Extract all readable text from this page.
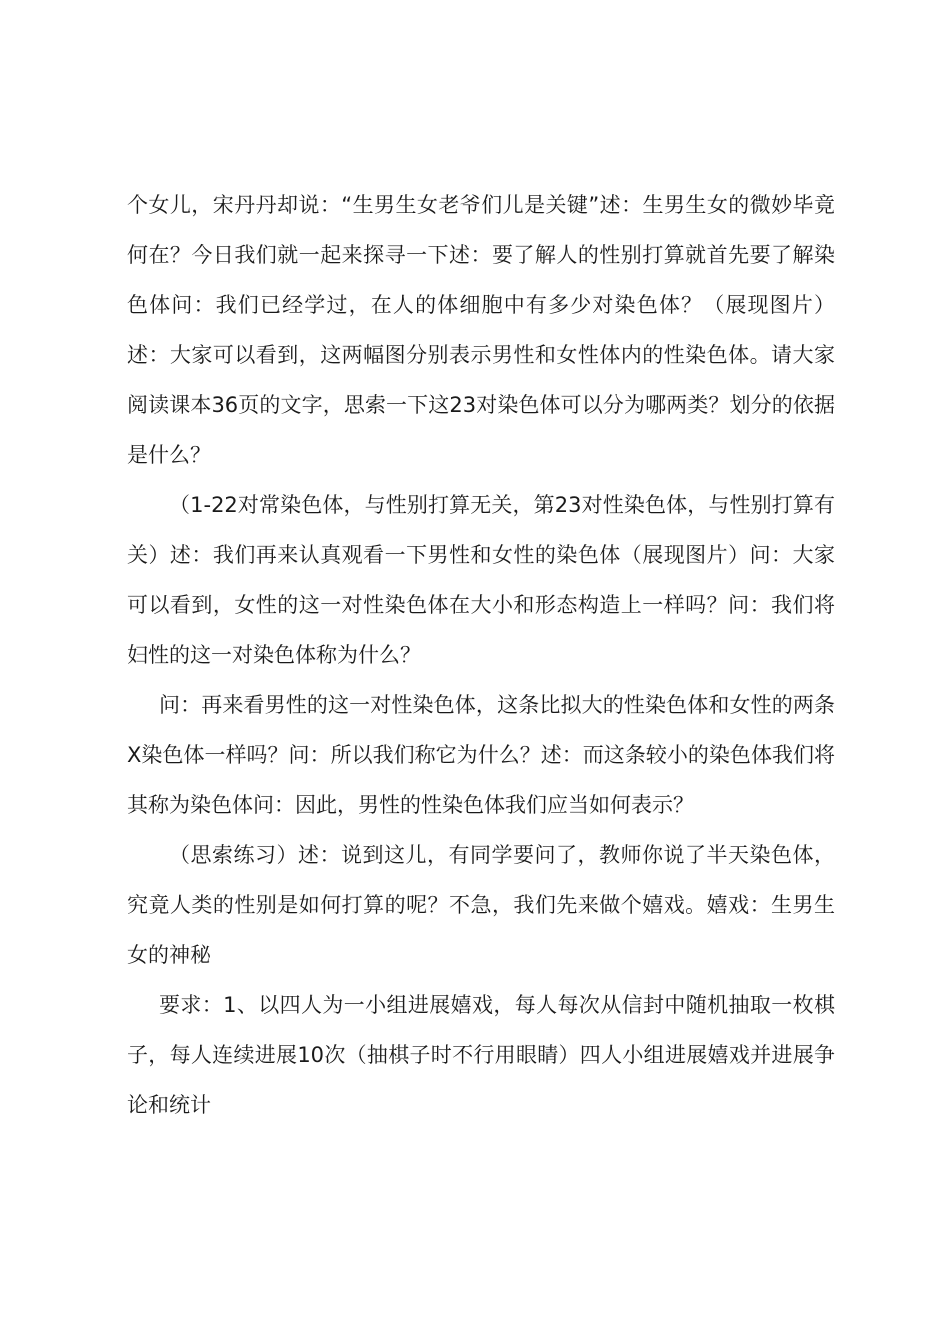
个女儿，宋丹丹却说：“生男生女老爷们儿是关键”述：生男生女的微妙毕竟何在？今日我们就一起来探寻一下述：要了解人的性别打算就首先要了解染色体问：我们已经学过，在人的体细胞中有多少对染色体？（展现图片）述：大家可以看到，这两幅图分别表示男性和女性体内的性染色体。请大家阅读课本36页的文字，思索一下这23对染色体可以分为哪两类？划分的依据是什么？

（1-22对常染色体，与性别打算无关，第23对性染色体，与性别打算有关）述：我们再来认真观看一下男性和女性的染色体（展现图片）问：大家可以看到，女性的这一对性染色体在大小和形态构造上一样吗？问：我们将妇性的这一对染色体称为什么？

问：再来看男性的这一对性染色体，这条比拟大的性染色体和女性的两条X染色体一样吗？问：所以我们称它为什么？述：而这条较小的染色体我们将其称为染色体问：因此，男性的性染色体我们应当如何表示？

（思索练习）述：说到这儿，有同学要问了，教师你说了半天染色体，究竟人类的性别是如何打算的呢？不急，我们先来做个嬉戏。嬉戏：生男生女的神秘

要求：1、以四人为一小组进展嬉戏，每人每次从信封中随机抽取一枚棋子，每人连续进展10次（抽棋子时不行用眼睛）四人小组进展嬉戏并进展争论和统计
